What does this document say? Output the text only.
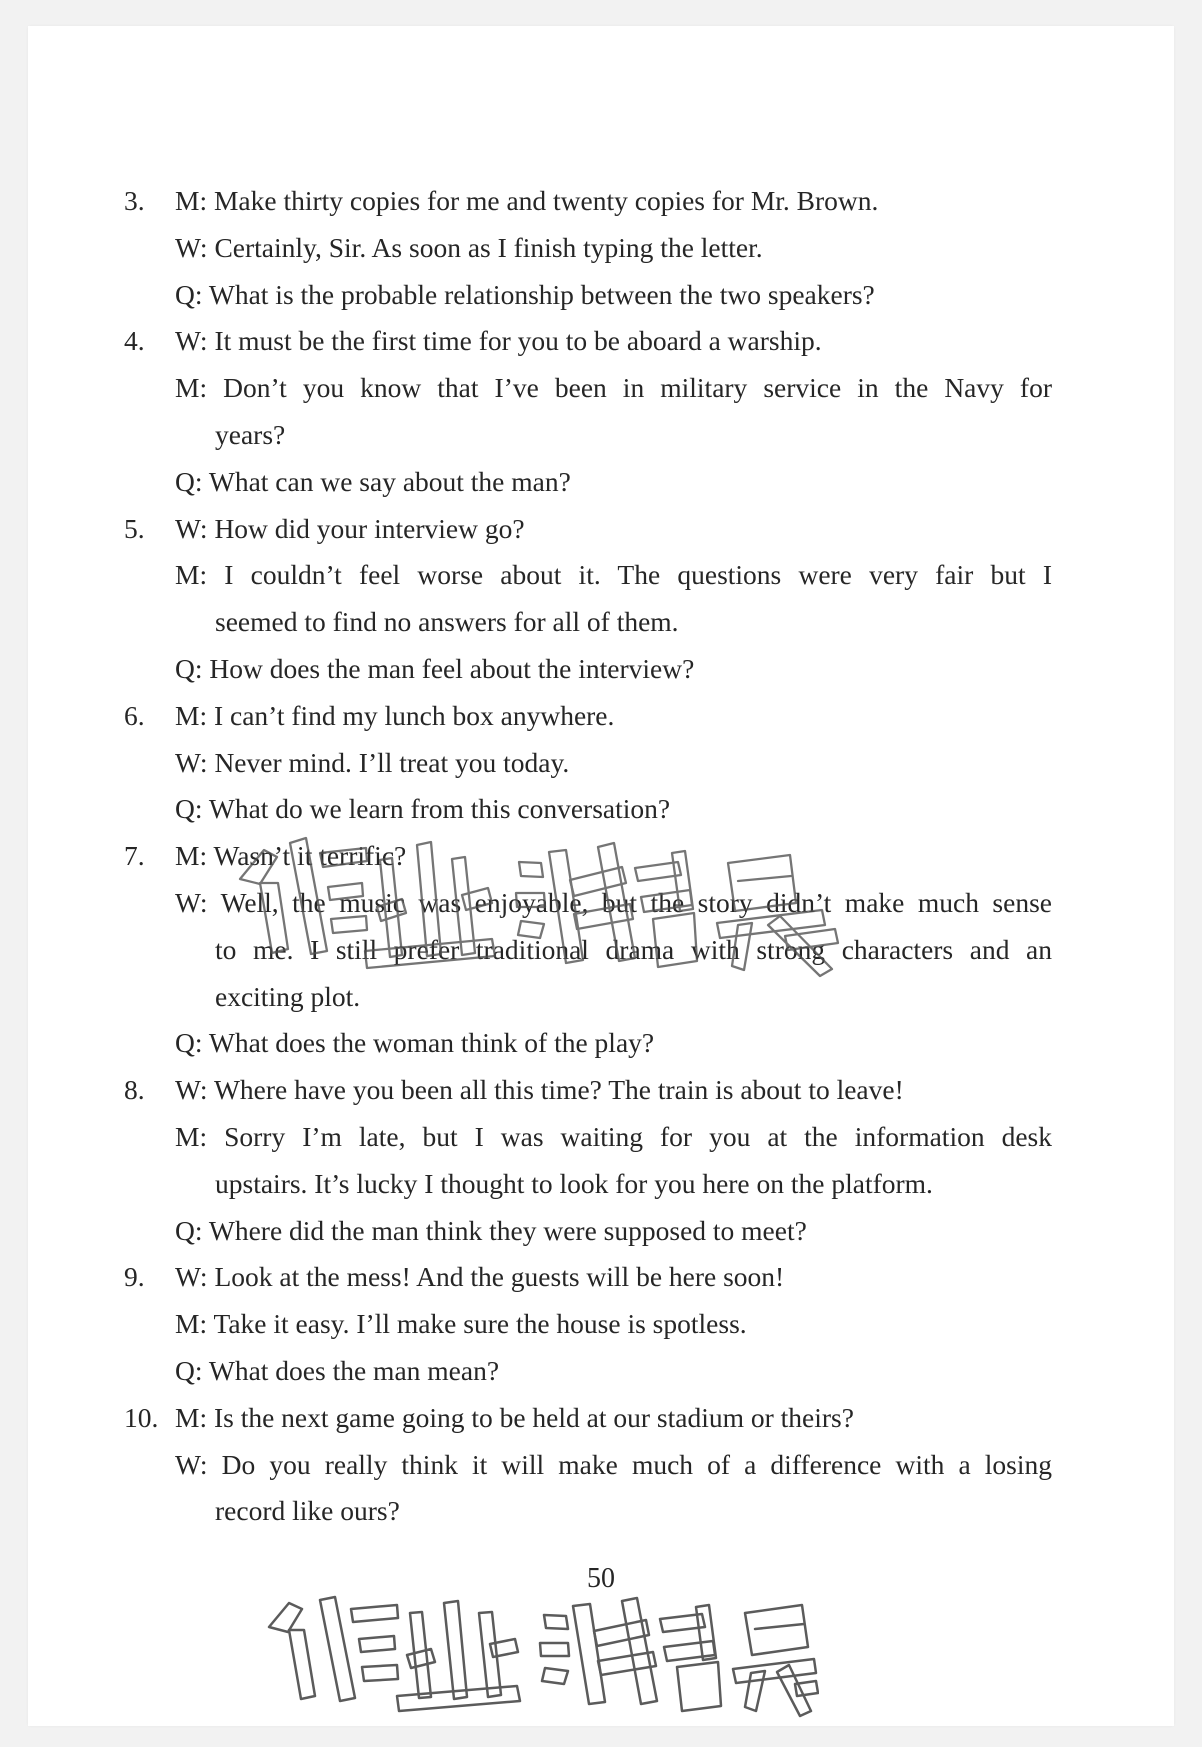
3.	M: Make thirty copies for me and twenty copies for Mr. Brown.
W: Certainly, Sir. As soon as I finish typing the letter.
Q: What is the probable relationship between the two speakers?
4.	W: It must be the first time for you to be aboard a warship.
M: Don’t you know that I’ve been in military service in the Navy for
years?
Q: What can we say about the man?
5.	W: How did your interview go?
M: I couldn’t feel worse about it. The questions were very fair but I
seemed to find no answers for all of them.
Q: How does the man feel about the interview?
6.	M: I can’t find my lunch box anywhere.
W: Never mind. I’ll treat you today.
Q: What do we learn from this conversation?
7.	M: Wasn’t it terrific?
W: Well, the music was enjoyable, but the story didn’t make much sense
to me. I still prefer traditional drama with strong characters and an
exciting plot.
Q: What does the woman think of the play?
8.	W: Where have you been all this time? The train is about to leave!
M: Sorry I’m late, but I was waiting for you at the information desk
upstairs. It’s lucky I thought to look for you here on the platform.
Q: Where did the man think they were supposed to meet?
9.	W: Look at the mess! And the guests will be here soon!
M: Take it easy. I’ll make sure the house is spotless.
Q: What does the man mean?
10. M: Is the next game going to be held at our stadium or theirs?
W: Do you really think it will make much of a difference with a losing
record like ours?
50
